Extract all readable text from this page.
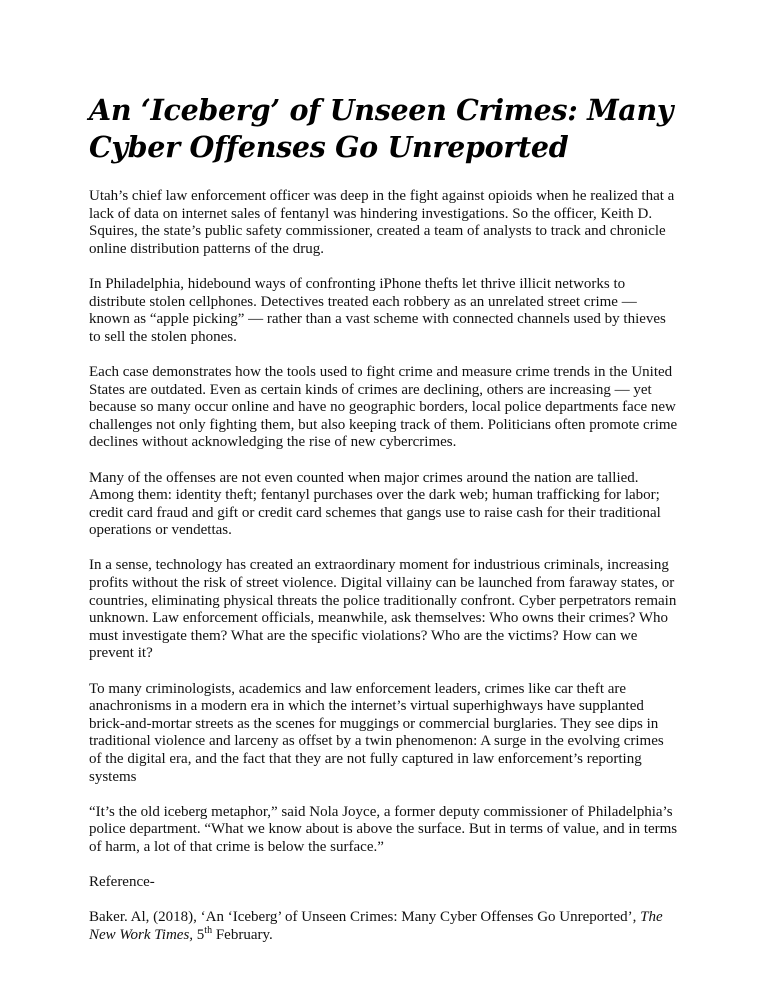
An ‘Iceberg’ of Unseen Crimes: Many Cyber Offenses Go Unreported

Utah’s chief law enforcement officer was deep in the fight against opioids when he realized that a lack of data on internet sales of fentanyl was hindering investigations. So the officer, Keith D. Squires, the state’s public safety commissioner, created a team of analysts to track and chronicle online distribution patterns of the drug.

In Philadelphia, hidebound ways of confronting iPhone thefts let thrive illicit networks to distribute stolen cellphones. Detectives treated each robbery as an unrelated street crime — known as “apple picking” — rather than a vast scheme with connected channels used by thieves to sell the stolen phones.

Each case demonstrates how the tools used to fight crime and measure crime trends in the United States are outdated. Even as certain kinds of crimes are declining, others are increasing — yet because so many occur online and have no geographic borders, local police departments face new challenges not only fighting them, but also keeping track of them. Politicians often promote crime declines without acknowledging the rise of new cybercrimes.

Many of the offenses are not even counted when major crimes around the nation are tallied. Among them: identity theft; fentanyl purchases over the dark web; human trafficking for labor; credit card fraud and gift or credit card schemes that gangs use to raise cash for their traditional operations or vendettas.

In a sense, technology has created an extraordinary moment for industrious criminals, increasing profits without the risk of street violence. Digital villainy can be launched from faraway states, or countries, eliminating physical threats the police traditionally confront. Cyber perpetrators remain unknown. Law enforcement officials, meanwhile, ask themselves: Who owns their crimes? Who must investigate them? What are the specific violations? Who are the victims? How can we prevent it?

To many criminologists, academics and law enforcement leaders, crimes like car theft are anachronisms in a modern era in which the internet’s virtual superhighways have supplanted brick-and-mortar streets as the scenes for muggings or commercial burglaries. They see dips in traditional violence and larceny as offset by a twin phenomenon: A surge in the evolving crimes of the digital era, and the fact that they are not fully captured in law enforcement’s reporting systems

“It’s the old iceberg metaphor,” said Nola Joyce, a former deputy commissioner of Philadelphia’s police department. “What we know about is above the surface. But in terms of value, and in terms of harm, a lot of that crime is below the surface.”

Reference-

Baker. Al, (2018), ‘An ‘Iceberg’ of Unseen Crimes: Many Cyber Offenses Go Unreported’, The New Work Times, 5th February.
